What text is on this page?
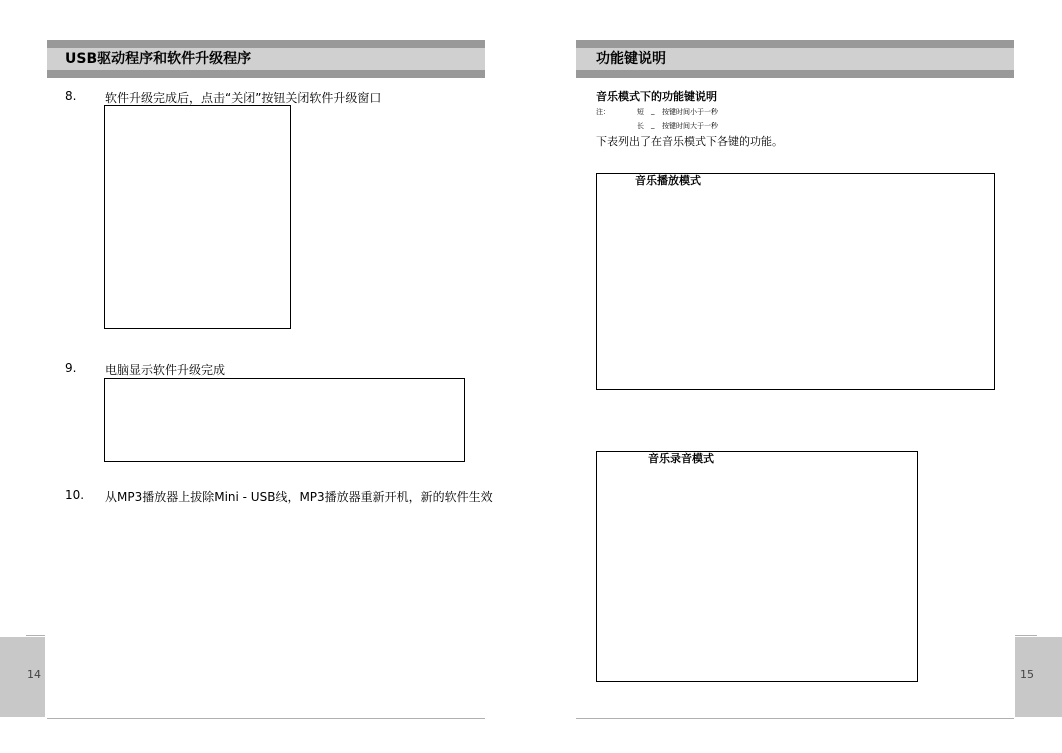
USB驱动程序和软件升级程序
8. 软件升级完成后，点击“关闭”按钮关闭软件升级窗口
9. 电脑显示软件升级完成
10. 从MP3播放器上拔除Mini - USB线，MP3播放器重新开机，新的软件生效
14
功能键说明
音乐模式下的功能键说明
注：	短 _ 按键时间小于一秒
长 _ 按键时间大于一秒
下表列出了在音乐模式下各键的功能。
音乐播放模式
音乐录音模式
15
